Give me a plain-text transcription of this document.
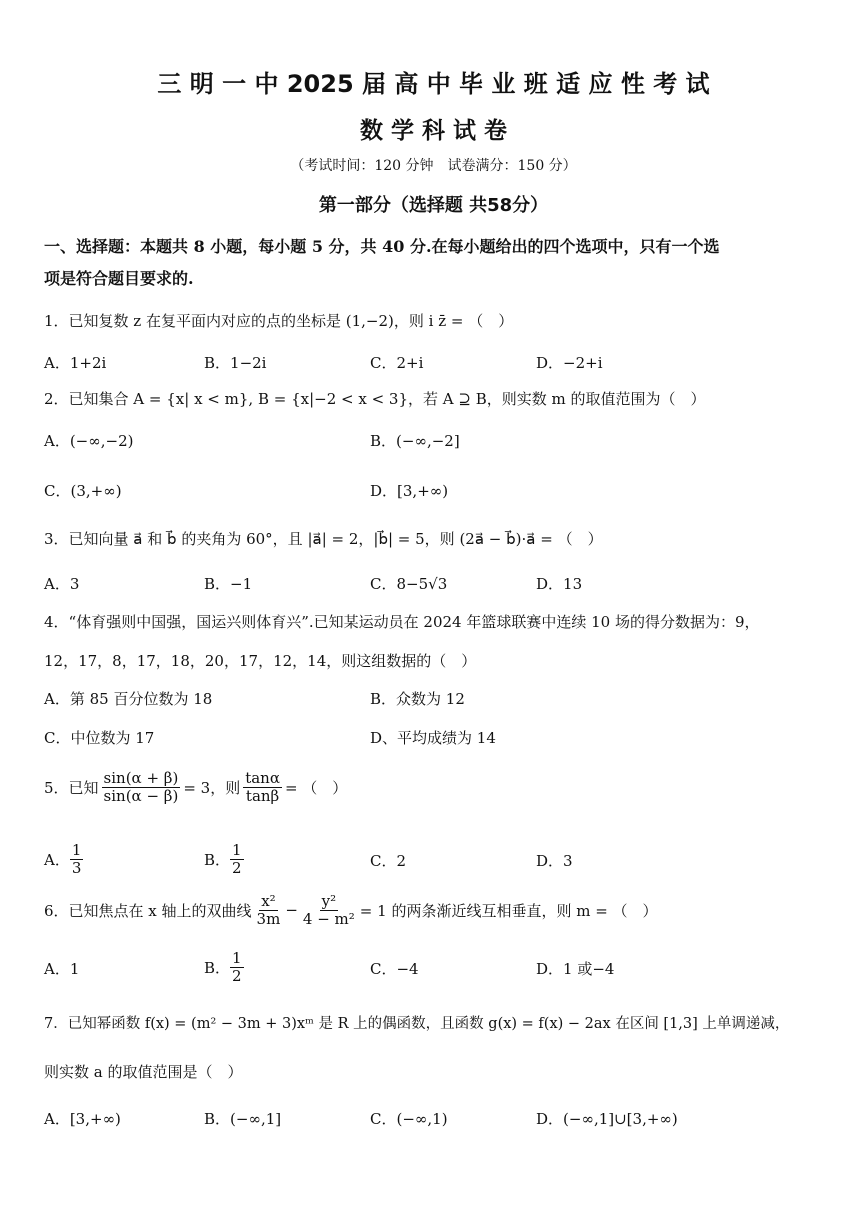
三 明 一 中 2025 届 高 中 毕 业 班 适 应 性 考 试
数 学 科 试 卷
（考试时间：120 分钟　试卷满分：150 分）
第一部分（选择题 共58分）
一、选择题：本题共 8 小题，每小题 5 分，共 40 分.在每小题给出的四个选项中，只有一个选
项是符合题目要求的.
1．已知复数 z 在复平面内对应的点的坐标是 (1,−2)，则 i z̄ = （　）
A．1+2i	B．1−2i	C．2+i	D．−2+i
2．已知集合 A = {x| x < m}, B = {x|−2 < x < 3}，若 A ⊇ B，则实数 m 的取值范围为（　）
A．(−∞,−2)	B．(−∞,−2]
C．(3,+∞)	D．[3,+∞)
3．已知向量 a⃗ 和 b⃗ 的夹角为 60°，且 |a⃗| = 2，|b⃗| = 5，则 (2a⃗ − b⃗)·a⃗ = （　）
A．3	B．−1	C．8−5√3	D．13
4．“体育强则中国强，国运兴则体育兴”.已知某运动员在 2024 年篮球联赛中连续 10 场的得分数据为：9，
12，17，8，17，18，20，17，12，14，则这组数据的（　）
A．第 85 百分位数为 18	B．众数为 12
C．中位数为 17	D、平均成绩为 14
5．已知 $\frac{\sin(\alpha + \beta)}{\sin(\alpha - \beta)} = 3$，则 $\frac{\tan\alpha}{\tan\beta}$ = （　）
A． $\frac{1}{3}$	B． $\frac{1}{2}$	C．2	D．3
6．已知焦点在 x 轴上的双曲线 $\frac{\text{x²}}{3m} - \frac{\text{y²}}{\text{4 − m²}} = 1$ 的两条渐近线互相垂直，则 m = （　）
A．1	B． $\frac{1}{2}$	C．−4	D．1 或−4
7．已知幂函数 f(x) = (m² − 3m + 3)xᵐ 是 R 上的偶函数，且函数 g(x) = f(x) − 2ax 在区间 [1,3] 上单调递减，
则实数 a 的取值范围是（　）
A．[3,+∞)	B．(−∞,1]	C．(−∞,1)	D．(−∞,1]∪[3,+∞)
